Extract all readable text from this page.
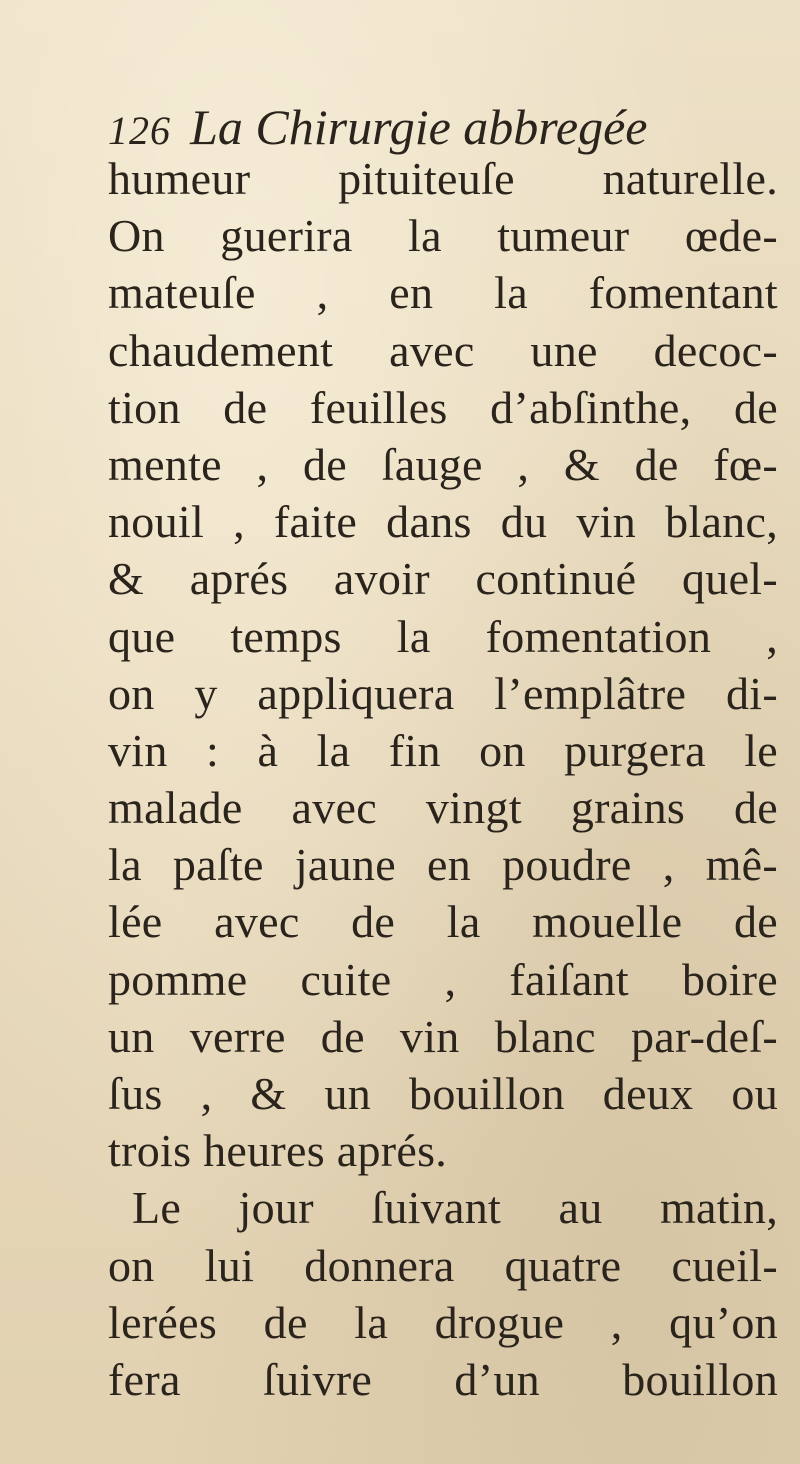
126 La Chirurgie abbregée
humeur pituiteuſe naturelle.
On guerira la tumeur œde-
mateuſe , en la fomentant
chaudement avec une decoc-
tion de feuilles d’abſinthe, de
mente , de ſauge , & de fœ-
nouil , faite dans du vin blanc,
& aprés avoir continué quel-
que temps la fomentation ,
on y appliquera l’emplâtre di-
vin : à la fin on purgera le
malade avec vingt grains de
la paſte jaune en poudre , mê-
lée avec de la mouelle de
pomme cuite , faiſant boire
un verre de vin blanc par-deſ-
ſus , & un bouillon deux ou
trois heures aprés.
Le jour ſuivant au matin,
on lui donnera quatre cueil-
lerées de la drogue , qu’on
fera ſuivre d’un bouillon
